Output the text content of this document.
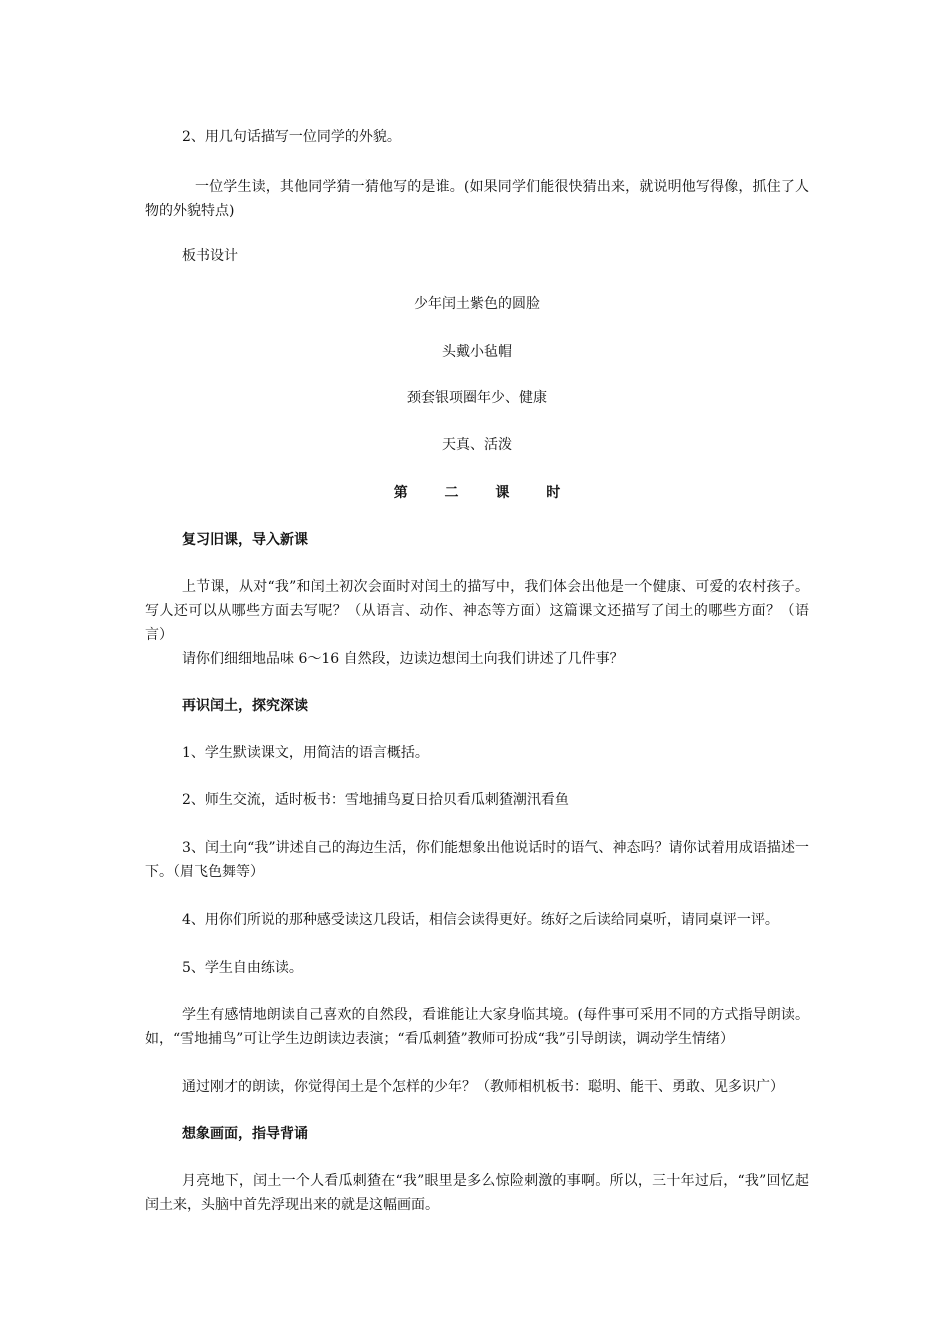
2、用几句话描写一位同学的外貌。
一位学生读，其他同学猜一猜他写的是谁。(如果同学们能很快猜出来，就说明他写得像，抓住了人物的外貌特点)
板书设计
少年闰土紫色的圆脸
头戴小毡帽
颈套银项圈年少、健康
天真、活泼
第 二 课 时
复习旧课，导入新课
上节课，从对“我”和闰土初次会面时对闰土的描写中，我们体会出他是一个健康、可爱的农村孩子。写人还可以从哪些方面去写呢？（从语言、动作、神态等方面）这篇课文还描写了闰土的哪些方面？（语言）
请你们细细地品味 6～16 自然段，边读边想闰土向我们讲述了几件事？
再识闰土，探究深读
1、学生默读课文，用简洁的语言概括。
2、师生交流，适时板书：雪地捕鸟夏日拾贝看瓜刺猹潮汛看鱼
3、闰土向“我”讲述自己的海边生活，你们能想象出他说话时的语气、神态吗？请你试着用成语描述一下。（眉飞色舞等）
4、用你们所说的那种感受读这几段话，相信会读得更好。练好之后读给同桌听，请同桌评一评。
5、学生自由练读。
学生有感情地朗读自己喜欢的自然段，看谁能让大家身临其境。(每件事可采用不同的方式指导朗读。如，“雪地捕鸟”可让学生边朗读边表演；“看瓜刺猹”教师可扮成“我”引导朗读，调动学生情绪）
通过刚才的朗读，你觉得闰土是个怎样的少年？（教师相机板书：聪明、能干、勇敢、见多识广）
想象画面，指导背诵
月亮地下，闰土一个人看瓜刺猹在“我”眼里是多么惊险刺激的事啊。所以，三十年过后，“我”回忆起闰土来，头脑中首先浮现出来的就是这幅画面。
